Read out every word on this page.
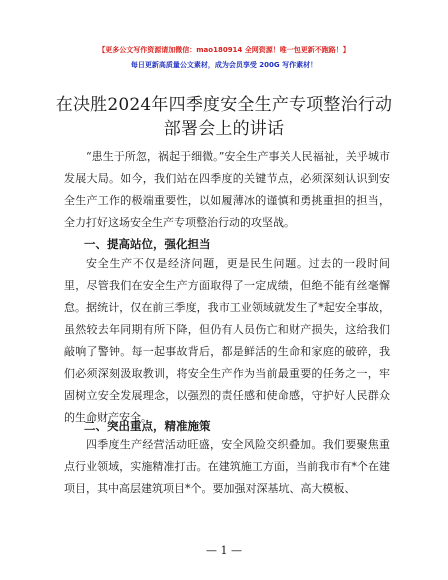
【更多公文写作资源请加微信：mao180914 全网资源！唯一包更新不跑路！】
每日更新高质量公文素材，成为会员享受 200G 写作素材！
在决胜2024年四季度安全生产专项整治行动部署会上的讲话

“患生于所忽，祸起于细微。”安全生产事关人民福祉，关乎城市发展大局。如今，我们站在四季度的关键节点，必须深刻认识到安全生产工作的极端重要性，以如履薄冰的谨慎和勇挑重担的担当，全力打好这场安全生产专项整治行动的攻坚战。

一、提高站位，强化担当

安全生产不仅是经济问题，更是民生问题。过去的一段时间里，尽管我们在安全生产方面取得了一定成绩，但绝不能有丝毫懈怠。据统计，仅在前三季度，我市工业领域就发生了*起安全事故，虽然较去年同期有所下降，但仍有人员伤亡和财产损失，这给我们敲响了警钟。每一起事故背后，都是鲜活的生命和家庭的破碎，我们必须深刻汲取教训，将安全生产作为当前最重要的任务之一，牢固树立安全发展理念，以强烈的责任感和使命感，守护好人民群众的生命财产安全。

二、突出重点，精准施策

四季度生产经营活动旺盛，安全风险交织叠加。我们要聚焦重点行业领域，实施精准打击。在建筑施工方面，当前我市有*个在建项目，其中高层建筑项目*个。要加强对深基坑、高大模板、

— 1 —
